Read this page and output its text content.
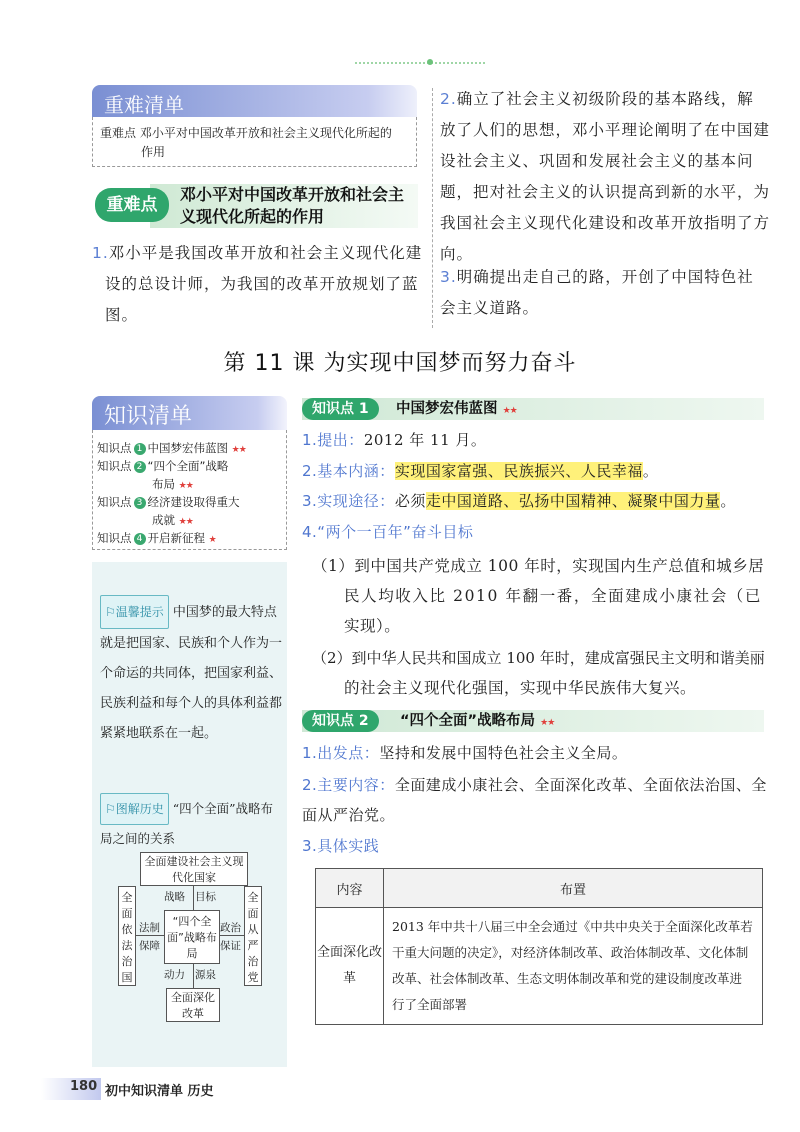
重难清单
重难点 邓小平对中国改革开放和社会主义现代化所起的
作用
重难点
邓小平对中国改革开放和社会主义现代化所起的作用
1.邓小平是我国改革开放和社会主义现代化建设的总设计师，为我国的改革开放规划了蓝图。
2.确立了社会主义初级阶段的基本路线，解放了人们的思想，邓小平理论阐明了在中国建设社会主义、巩固和发展社会主义的基本问题，把对社会主义的认识提高到新的水平，为我国社会主义现代化建设和改革开放指明了方向。
3.明确提出走自己的路，开创了中国特色社会主义道路。
第 11 课 为实现中国梦而努力奋斗
知识清单
知识点 1 中国梦宏伟蓝图 ★★
知识点 2 “四个全面”战略
布局 ★★
知识点 3 经济建设取得重大
成就 ★★
知识点 4 开启新征程 ★
⚐温馨提示 中国梦的最大特点就是把国家、民族和个人作为一个命运的共同体，把国家利益、民族利益和每个人的具体利益都紧紧地联系在一起。
⚐图解历史 “四个全面”战略布局之间的关系
全面建设社会主义现代化国家
战略 目标
全面依法治国
全面从严治党
法制
保障
政治
保证
“四个全面”战略布局
动力 源泉
全面深化改革
知识点 1	中国梦宏伟蓝图 ★★
1.提出：2012 年 11 月。
2.基本内涵：实现国家富强、民族振兴、人民幸福。
3.实现途径：必须走中国道路、弘扬中国精神、凝聚中国力量。
4.“两个一百年”奋斗目标
（1）到中国共产党成立 100 年时，实现国内生产总值和城乡居
民人均收入比 2010 年翻一番，全面建成小康社会（已
实现）。
（2）到中华人民共和国成立 100 年时，建成富强民主文明和谐美丽
的社会主义现代化强国，实现中华民族伟大复兴。
知识点 2	“四个全面”战略布局 ★★
1.出发点：坚持和发展中国特色社会主义全局。
2.主要内容：全面建成小康社会、全面深化改革、全面依法治国、全
面从严治党。
3.具体实践
内容	布置
全面深化改革	2013 年中共十八届三中全会通过《中共中央关于全面深化改革若干重大问题的决定》，对经济体制改革、政治体制改革、文化体制改革、社会体制改革、生态文明体制改革和党的建设制度改革进行了全面部署
180 初中知识清单 历史
